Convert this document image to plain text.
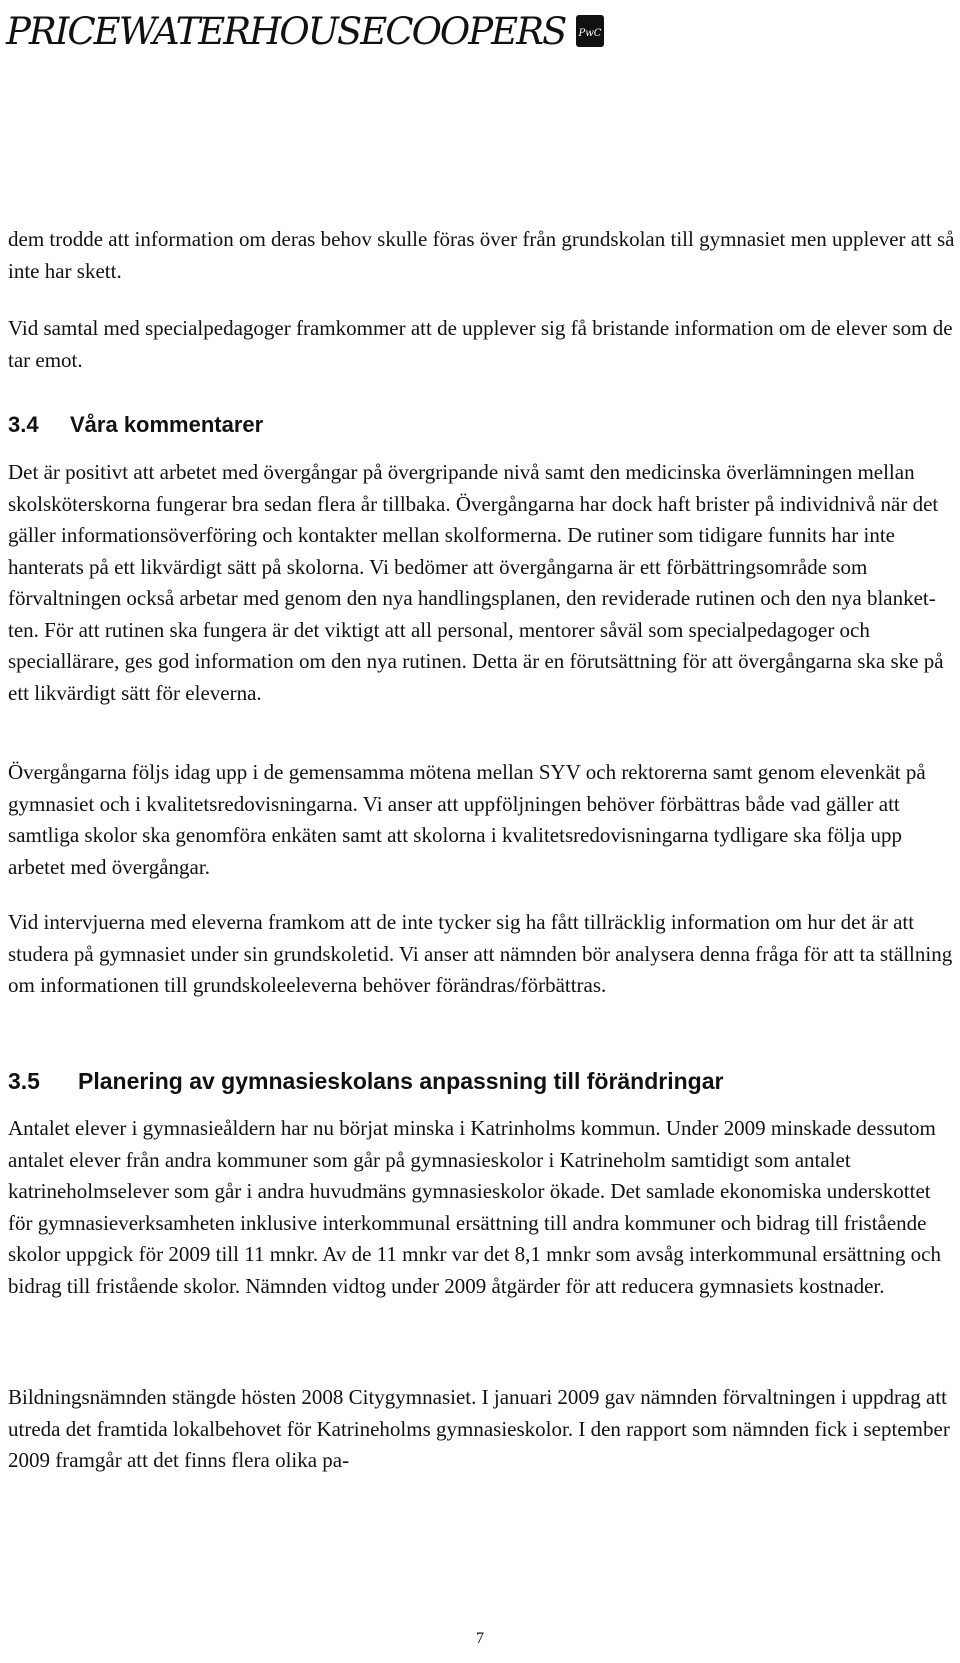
PRICEWATERHOUSECOOPERS PwC

dem trodde att information om deras behov skulle föras över från grundskolan till gymnasiet men upplever att så inte har skett.

Vid samtal med specialpedagoger framkommer att de upplever sig få bristande information om de elever som de tar emot.

3.4 Våra kommentarer

Det är positivt att arbetet med övergångar på övergripande nivå samt den medicinska överlämningen mellan skolsköterskorna fungerar bra sedan flera år tillbaka. Övergångarna har dock haft brister på individnivå när det gäller informationsöverföring och kontakter mellan skolformerna. De rutiner som tidigare funnits har inte hanterats på ett likvärdigt sätt på skolorna. Vi bedömer att övergångarna är ett förbättringsområde som förvaltningen också arbetar med genom den nya handlingsplanen, den reviderade rutinen och den nya blanketten. För att rutinen ska fungera är det viktigt att all personal, mentorer såväl som specialpedagoger och speciallärare, ges god information om den nya rutinen. Detta är en förutsättning för att övergångarna ska ske på ett likvärdigt sätt för eleverna.

Övergångarna följs idag upp i de gemensamma mötena mellan SYV och rektorerna samt genom elevenkät på gymnasiet och i kvalitetsredovisningarna. Vi anser att uppföljningen behöver förbättras både vad gäller att samtliga skolor ska genomföra enkäten samt att skolorna i kvalitetsredovisningarna tydligare ska följa upp arbetet med övergångar.

Vid intervjuerna med eleverna framkom att de inte tycker sig ha fått tillräcklig information om hur det är att studera på gymnasiet under sin grundskoletid. Vi anser att nämnden bör analysera denna fråga för att ta ställning om informationen till grundskoleeleverna behöver förändras/förbättras.

3.5 Planering av gymnasieskolans anpassning till förändringar

Antalet elever i gymnasieåldern har nu börjat minska i Katrinholms kommun. Under 2009 minskade dessutom antalet elever från andra kommuner som går på gymnasieskolor i Katrineholm samtidigt som antalet katrineholmselever som går i andra huvudmäns gymnasieskolor ökade. Det samlade ekonomiska underskottet för gymnasieverksamheten inklusive interkommunal ersättning till andra kommuner och bidrag till fristående skolor uppgick för 2009 till 11 mnkr. Av de 11 mnkr var det 8,1 mnkr som avsåg interkommunal ersättning och bidrag till fristående skolor. Nämnden vidtog under 2009 åtgärder för att reducera gymnasiets kostnader.

Bildningsnämnden stängde hösten 2008 Citygymnasiet. I januari 2009 gav nämnden förvaltningen i uppdrag att utreda det framtida lokalbehovet för Katrineholms gymnasieskolor. I den rapport som nämnden fick i september 2009 framgår att det finns flera olika pa-

7
